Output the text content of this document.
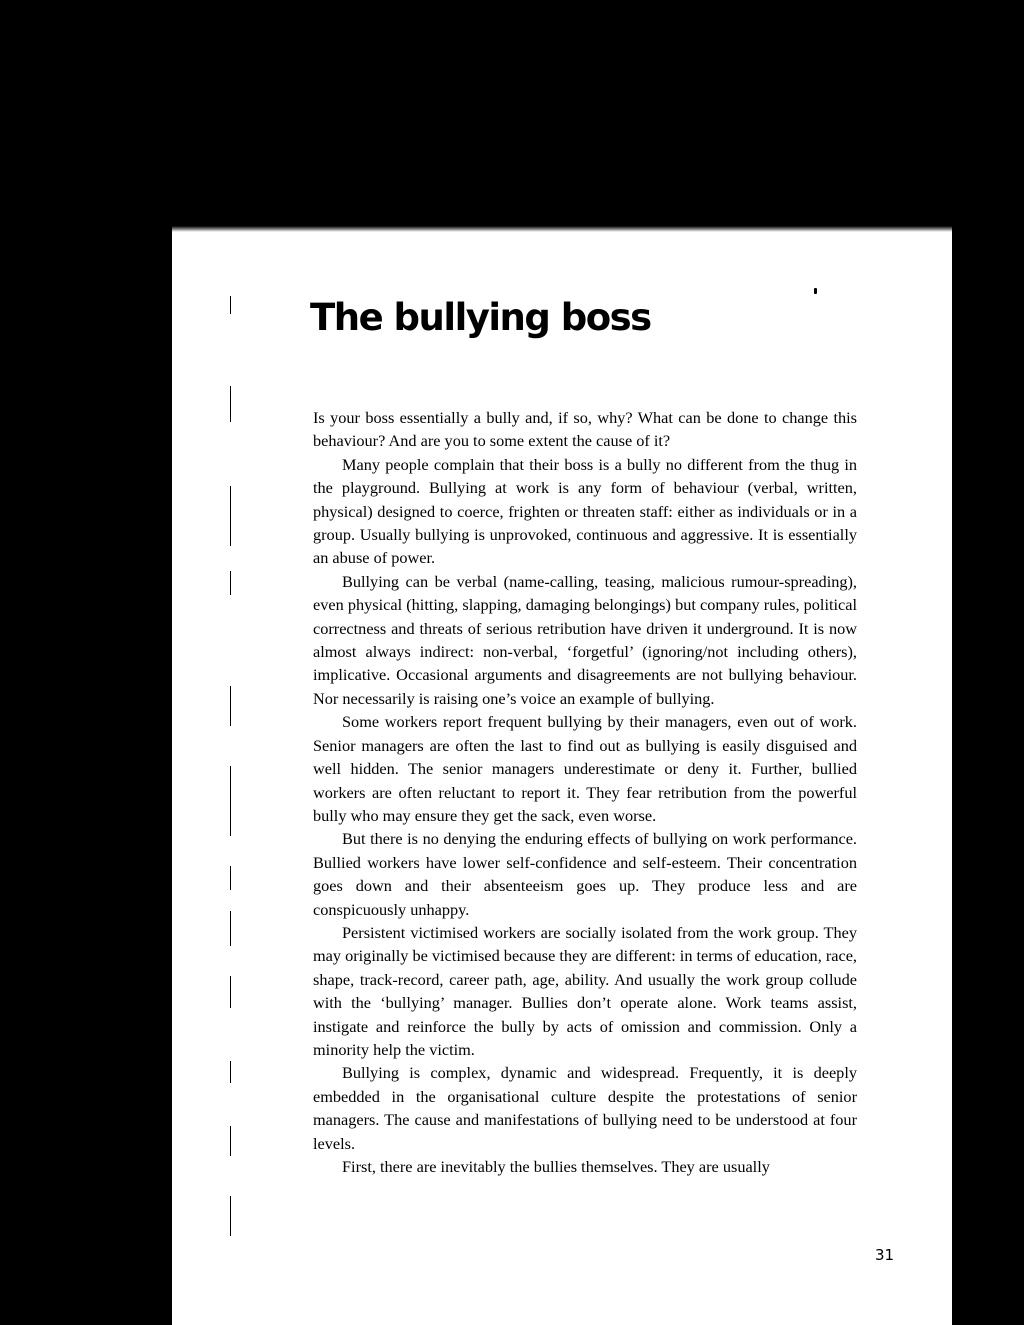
The bullying boss

Is your boss essentially a bully and, if so, why? What can be done to change this behaviour? And are you to some extent the cause of it?

Many people complain that their boss is a bully no different from the thug in the playground. Bullying at work is any form of behaviour (verbal, written, physical) designed to coerce, frighten or threaten staff: either as individuals or in a group. Usually bullying is unprovoked, continuous and aggressive. It is essentially an abuse of power.

Bullying can be verbal (name-calling, teasing, malicious rumour-spreading), even physical (hitting, slapping, damaging belongings) but company rules, political correctness and threats of serious retribution have driven it underground. It is now almost always indirect: non-verbal, ‘forgetful’ (ignoring/not including others), implicative. Occasional arguments and disagreements are not bullying behaviour. Nor necessarily is raising one’s voice an example of bullying.

Some workers report frequent bullying by their managers, even out of work. Senior managers are often the last to find out as bullying is easily disguised and well hidden. The senior managers underestimate or deny it. Further, bullied workers are often reluctant to report it. They fear retribution from the powerful bully who may ensure they get the sack, even worse.

But there is no denying the enduring effects of bullying on work performance. Bullied workers have lower self-confidence and self-esteem. Their concentration goes down and their absenteeism goes up. They produce less and are conspicuously unhappy.

Persistent victimised workers are socially isolated from the work group. They may originally be victimised because they are different: in terms of education, race, shape, track-record, career path, age, ability. And usually the work group collude with the ‘bullying’ manager. Bullies don’t operate alone. Work teams assist, instigate and reinforce the bully by acts of omission and commission. Only a minority help the victim.

Bullying is complex, dynamic and widespread. Frequently, it is deeply embedded in the organisational culture despite the protestations of senior managers. The cause and manifestations of bullying need to be understood at four levels.

First, there are inevitably the bullies themselves. They are usually

31
